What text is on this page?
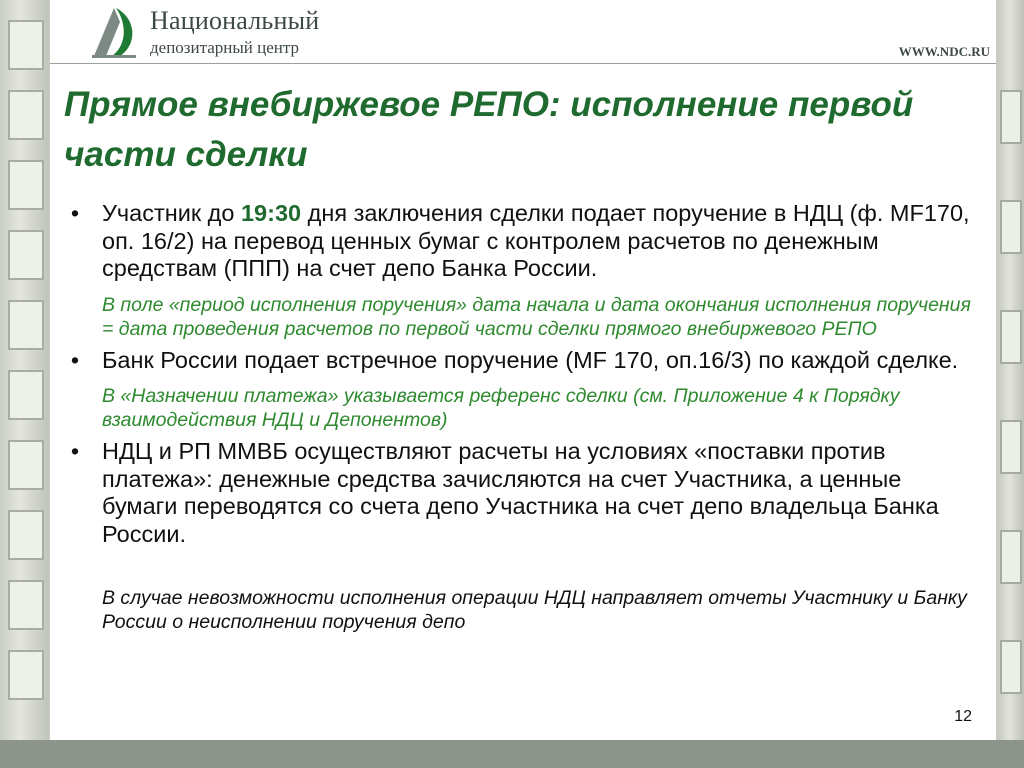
Национальный
депозитарный центр	WWW.NDC.RU
Прямое внебиржевое РЕПО: исполнение первой части сделки
• Участник до 19:30 дня заключения сделки подает поручение в НДЦ (ф. MF170, оп. 16/2) на перевод ценных бумаг с контролем расчетов по денежным средствам (ППП) на счет депо Банка России.
В поле «период исполнения поручения» дата начала и дата окончания исполнения поручения = дата проведения расчетов по первой части сделки прямого внебиржевого РЕПО
• Банк России подает встречное поручение (MF 170, оп.16/3) по каждой сделке.
В «Назначении платежа» указывается референс сделки (см. Приложение 4 к Порядку взаимодействия НДЦ и Депонентов)
• НДЦ и РП ММВБ осуществляют расчеты на условиях «поставки против платежа»: денежные средства зачисляются на счет Участника, а ценные бумаги переводятся со счета депо Участника на счет депо владельца Банка России.
В случае невозможности исполнения операции НДЦ направляет отчеты Участнику и Банку России о неисполнении поручения депо
12
